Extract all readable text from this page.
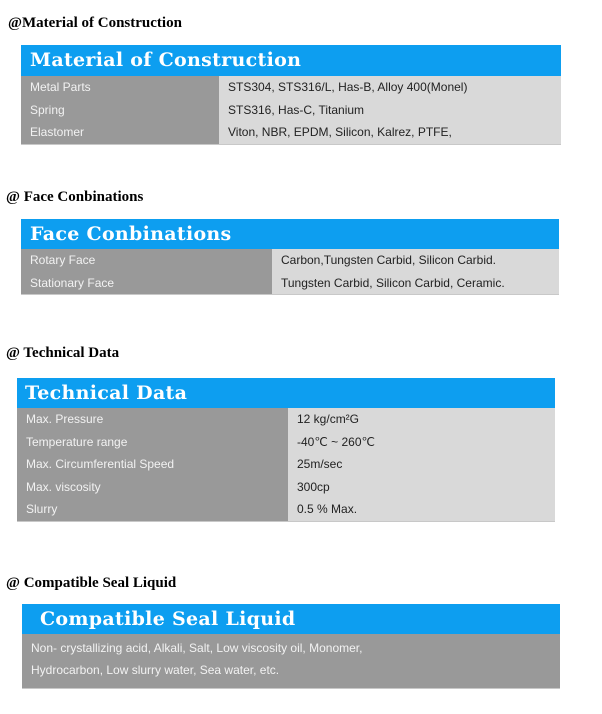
@Material of Construction
Material of Construction
Metal Parts	STS304, STS316/L, Has-B, Alloy 400(Monel)
Spring	STS316, Has-C, Titanium
Elastomer	Viton, NBR, EPDM, Silicon, Kalrez, PTFE,
@ Face Conbinations
Face Conbinations
Rotary Face	Carbon,Tungsten Carbid, Silicon Carbid.
Stationary Face	Tungsten Carbid, Silicon Carbid, Ceramic.
@ Technical Data
Technical Data
Max. Pressure	12 kg/cm²G
Temperature range	-40℃ ~ 260℃
Max. Circumferential Speed	25m/sec
Max. viscosity	300cp
Slurry	0.5 % Max.
@ Compatible Seal Liquid
Compatible Seal Liquid
Non- crystallizing acid, Alkali, Salt, Low viscosity oil, Monomer,
Hydrocarbon, Low slurry water, Sea water, etc.
